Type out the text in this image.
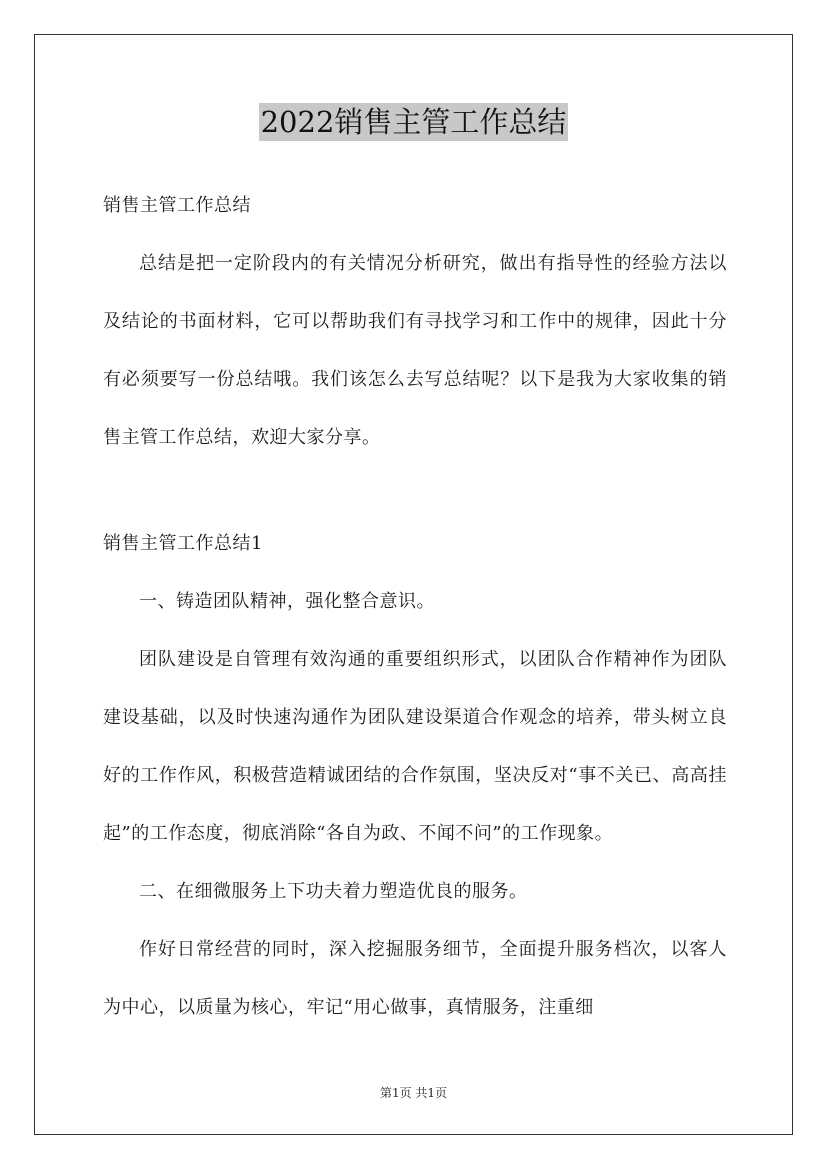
2022销售主管工作总结

销售主管工作总结

总结是把一定阶段内的有关情况分析研究，做出有指导性的经验方法以及结论的书面材料，它可以帮助我们有寻找学习和工作中的规律，因此十分有必须要写一份总结哦。我们该怎么去写总结呢？以下是我为大家收集的销售主管工作总结，欢迎大家分享。

销售主管工作总结1

一、铸造团队精神，强化整合意识。

团队建设是自管理有效沟通的重要组织形式，以团队合作精神作为团队建设基础，以及时快速沟通作为团队建设渠道合作观念的培养，带头树立良好的工作作风，积极营造精诚团结的合作氛围，坚决反对“事不关已、高高挂起”的工作态度，彻底消除“各自为政、不闻不问”的工作现象。

二、在细微服务上下功夫着力塑造优良的服务。

作好日常经营的同时，深入挖掘服务细节，全面提升服务档次，以客人为中心，以质量为核心，牢记“用心做事，真情服务，注重细

第1页 共1页
